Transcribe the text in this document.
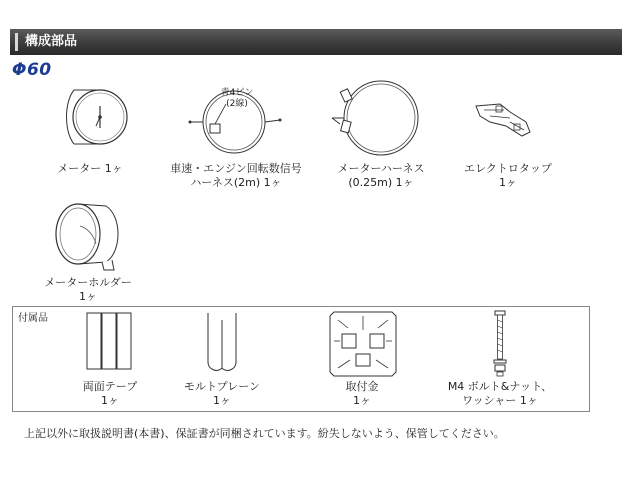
構成部品
Φ60
メーター 1ヶ
青4ピン
(2線)
車速・エンジン回転数信号
ハーネス(2m) 1ヶ
メーターハーネス
(0.25m) 1ヶ
エレクトロタップ
1ヶ
メーターホルダー
1ヶ
付属品
両面テープ
1ヶ
モルトプレーン
1ヶ
取付金
1ヶ
M4 ボルト&ナット、
ワッシャー 1ヶ
上記以外に取扱説明書(本書)、保証書が同梱されています。紛失しないよう、保管してください。
